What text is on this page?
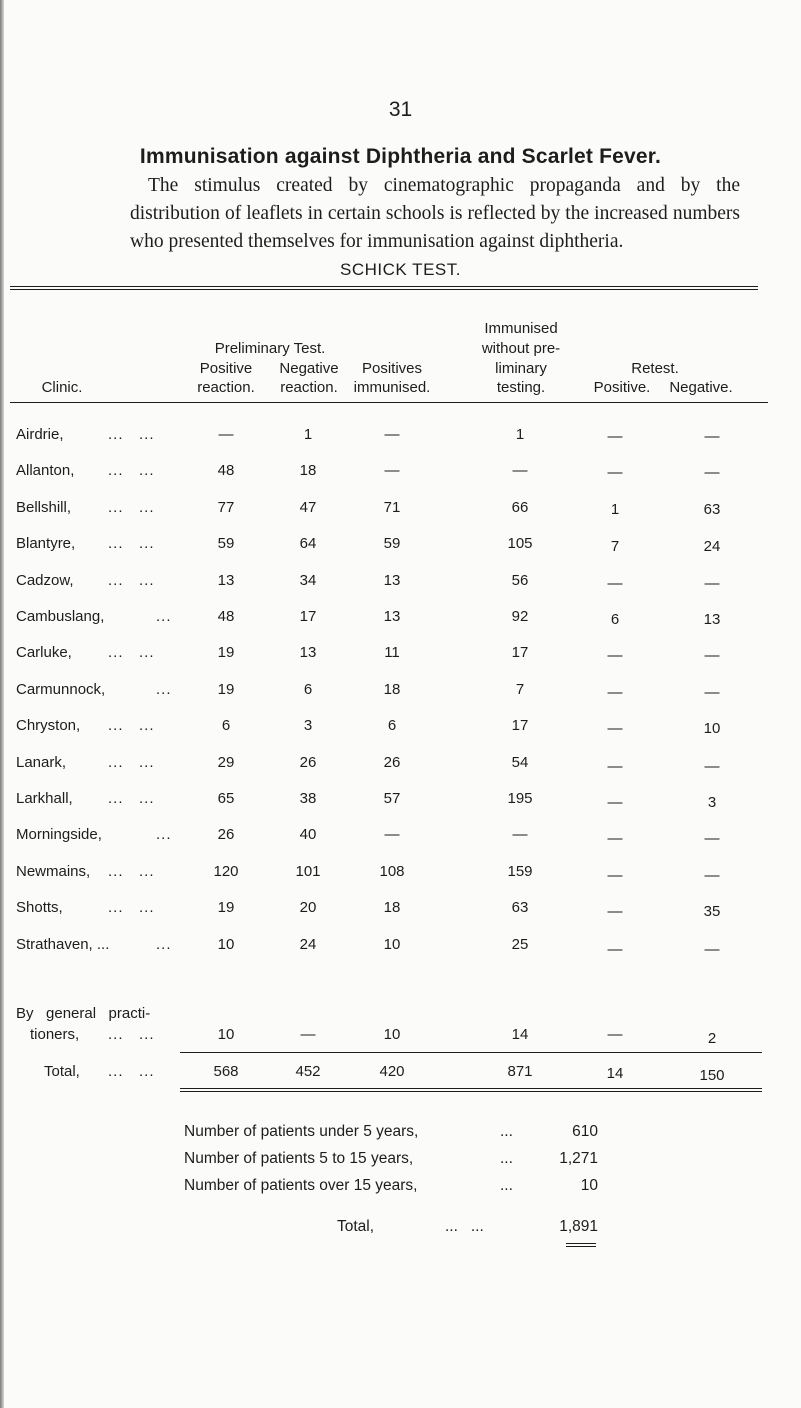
31
Immunisation against Diphtheria and Scarlet Fever.
The stimulus created by cinematographic propaganda and by the distribution of leaflets in certain schools is reflected by the increased numbers who presented themselves for immunisation against diphtheria.
SCHICK TEST.
Preliminary Test.
Immunised
without pre-
liminary
testing.
Clinic.
Positive
reaction.
Negative
reaction.
Positives
immunised.
Retest.
Positive.	Negative.
Airdrie,	...   ...	—	1	—	1	—	—
Allanton, ...   ...	48	18	—	—	—	—
Bellshill, ...   ...	77	47	71	66	1	63
Blantyre, ...   ...	59	64	59	105	7	24
Cadzow, ...   ...	13	34	13	56	—	—
Cambuslang,	...	48	17	13	92	6	13
Carluke, ...   ...	19	13	11	17	—	—
Carmunnock,	...	19	6	18	7	—	—
Chryston, ...   ...	6	3	6	17	—	10
Lanark,	...   ...	29	26	26	54	—	—
Larkhall, ...   ...	65	38	57	195	—	3
Morningside,	...	26	40	—	—	—	—
Newmains, ...   ...	120	101	108	159	—	—
Shotts,	...   ...	19	20	18	63	—	35
Strathaven, ...	...	10	24	10	25	—	—
By   general   practi-
tioners, ...   ...	10	—	10	14	—	2
Total, ...   ...	568	452	420	871	14	150
Number of patients under 5 years,	...	610
Number of patients 5 to 15 years,	...	1,271
Number of patients over 15 years,	...	10
Total,	...   ...	1,891
